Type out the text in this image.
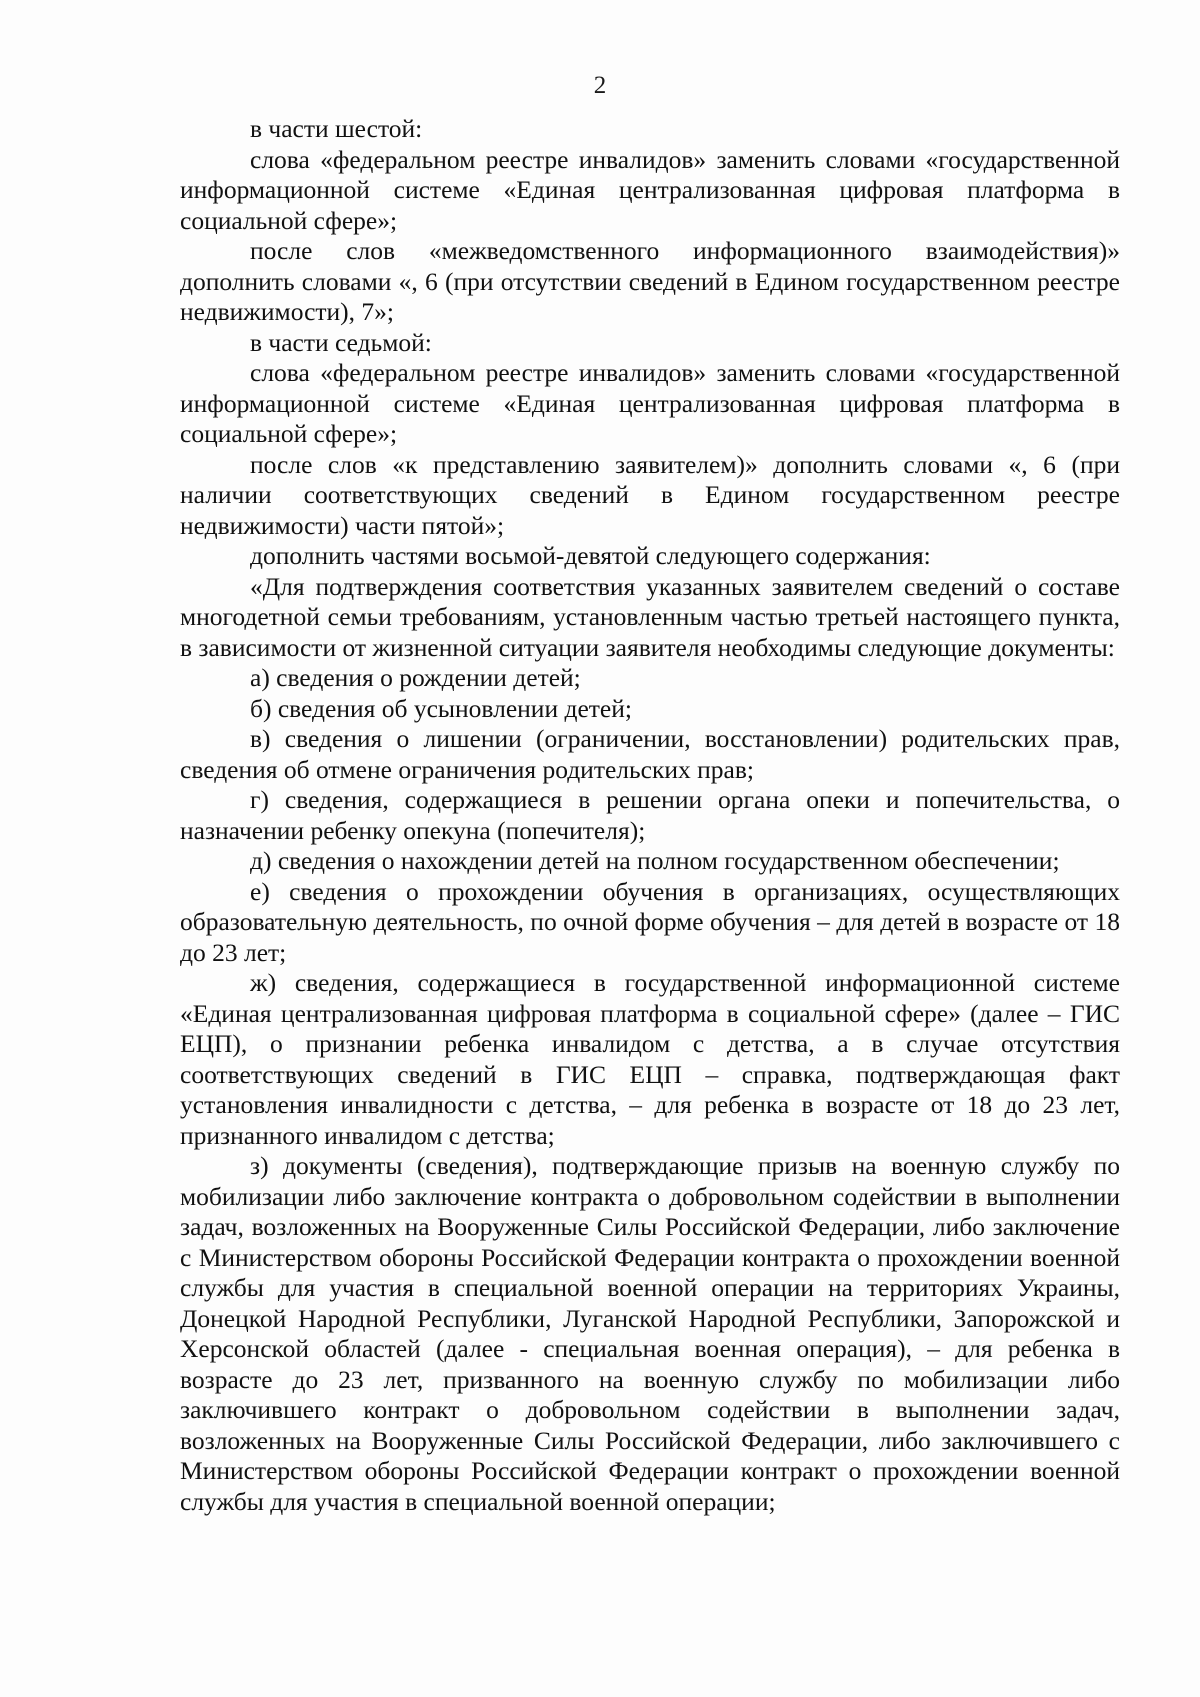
2

в части шестой:

слова «федеральном реестре инвалидов» заменить словами «государственной информационной системе «Единая централизованная цифровая платформа в социальной сфере»;

после слов «межведомственного информационного взаимодействия)» дополнить словами «, 6 (при отсутствии сведений в Едином государственном реестре недвижимости), 7»;

в части седьмой:

слова «федеральном реестре инвалидов» заменить словами «государственной информационной системе «Единая централизованная цифровая платформа в социальной сфере»;

после слов «к представлению заявителем)» дополнить словами «, 6 (при наличии соответствующих сведений в Едином государственном реестре недвижимости) части пятой»;

дополнить частями восьмой-девятой следующего содержания:

«Для подтверждения соответствия указанных заявителем сведений о составе многодетной семьи требованиям, установленным частью третьей настоящего пункта, в зависимости от жизненной ситуации заявителя необходимы следующие документы:

а) сведения о рождении детей;

б) сведения об усыновлении детей;

в) сведения о лишении (ограничении, восстановлении) родительских прав, сведения об отмене ограничения родительских прав;

г) сведения, содержащиеся в решении органа опеки и попечительства, о назначении ребенку опекуна (попечителя);

д) сведения о нахождении детей на полном государственном обеспечении;

е) сведения о прохождении обучения в организациях, осуществляющих образовательную деятельность, по очной форме обучения – для детей в возрасте от 18 до 23 лет;

ж) сведения, содержащиеся в государственной информационной системе «Единая централизованная цифровая платформа в социальной сфере» (далее – ГИС ЕЦП), о признании ребенка инвалидом с детства, а в случае отсутствия соответствующих сведений в ГИС ЕЦП – справка, подтверждающая факт установления инвалидности с детства, – для ребенка в возрасте от 18 до 23 лет, признанного инвалидом с детства;

з) документы (сведения), подтверждающие призыв на военную службу по мобилизации либо заключение контракта о добровольном содействии в выполнении задач, возложенных на Вооруженные Силы Российской Федерации, либо заключение с Министерством обороны Российской Федерации контракта о прохождении военной службы для участия в специальной военной операции на территориях Украины, Донецкой Народной Республики, Луганской Народной Республики, Запорожской и Херсонской областей (далее - специальная военная операция), – для ребенка в возрасте до 23 лет, призванного на военную службу по мобилизации либо заключившего контракт о добровольном содействии в выполнении задач, возложенных на Вооруженные Силы Российской Федерации, либо заключившего с Министерством обороны Российской Федерации контракт о прохождении военной службы для участия в специальной военной операции;
